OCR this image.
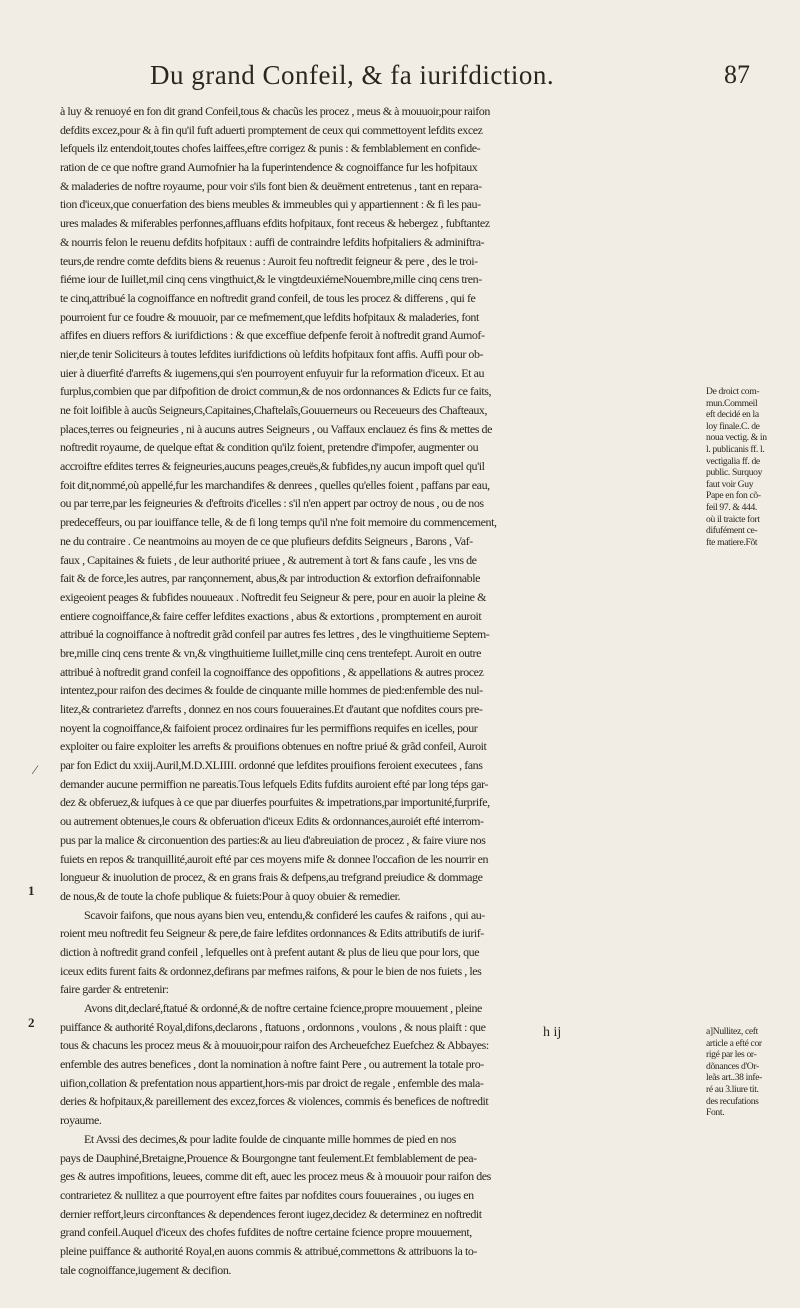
Du grand Confeil, & fa iurifdiction.	87
à luy & renuoyé en fon dit grand Confeil,tous & chacũs les procez , meus & à mouuoir,pour raifon
defdits excez,pour & à fin qu'il fuft aduerti promptement de ceux qui commettoyent lefdits excez
lefquels ilz entendoit,toutes chofes laiffees,eftre corrigez & punis : & femblablement en confide-
ration de ce que noftre grand Aumofnier ha la fuperintendence & cognoiffance fur les hofpitaux
& maladeries de noftre royaume, pour voir s'ils font bien & deuëment entretenus , tant en repara-
tion d'iceux,que conuerfation des biens meubles & immeubles qui y appartiennent : & fi les pau-
ures malades & miferables perfonnes,affluans efdits hofpitaux, font receus & hebergez , fubftantez
& nourris felon le reuenu defdits hofpitaux : auffi de contraindre lefdits hofpitaliers & adminiftra-
teurs,de rendre comte defdits biens & reuenus : Auroit feu noftredit feigneur & pere , des le troi-
fiéme iour de Iuillet,mil cinq cens vingthuict,& le vingtdeuxiémeNouembre,mille cinq cens tren-
te cinq,attribué la cognoiffance en noftredit grand confeil, de tous les procez & differens , qui fe
pourroient fur ce foudre & mouuoir, par ce mefmement,que lefdits hofpitaux & maladeries, font
affifes en diuers reffors & iurifdictions : & que exceffiue defpenfe feroit à noftredit grand Aumof-
nier,de tenir Soliciteurs à toutes lefdites iurifdictions où lefdits hofpitaux font affis. Auffi pour ob-
uier à diuerfité d'arrefts & iugemens,qui s'en pourroyent enfuyuir fur la reformation d'iceux. Et au
furplus,combien que par difpofition de droict commun,& de nos ordonnances & Edicts fur ce faits,
ne foit loifible à aucũs Seigneurs,Capitaines,Chaftelaĩs,Gouuerneurs ou Receueurs des Chafteaux,
places,terres ou feigneuries , ni à aucuns autres Seigneurs , ou Vaffaux enclauez és fins & mettes de
noftredit royaume, de quelque eftat & condition qu'ilz foient, pretendre d'impofer, augmenter ou
accroiftre efdites terres & feigneuries,aucuns peages,creuës,& fubfides,ny aucun impoft quel qu'il
foit dit,nommé,où appellé,fur les marchandifes & denrees , quelles qu'elles foient , paffans par eau,
ou par terre,par les feigneuries & d'eftroits d'icelles : s'il n'en appert par octroy de nous , ou de nos
predeceffeurs, ou par iouiffance telle, & de fi long temps qu'il n'ne foit memoire du commencement,
ne du contraire . Ce neantmoins au moyen de ce que plufieurs defdits Seigneurs , Barons , Vaf-
faux , Capitaines & fuiets , de leur authorité priuee , & autrement à tort & fans caufe , les vns de
fait & de force,les autres, par rançonnement, abus,& par introduction & extorfion defraifonnable
exigeoient peages & fubfides nouueaux . Noftredit feu Seigneur & pere, pour en auoir la pleine &
entiere cognoiffance,& faire ceffer lefdites exactions , abus & extortions , promptement en auroit
attribué la cognoiffance à noftredit grãd confeil par autres fes lettres , des le vingthuitieme Septem-
bre,mille cinq cens trente & vn,& vingthuitieme Iuillet,mille cinq cens trentefept. Auroit en outre
attribué à noftredit grand confeil la cognoiffance des oppofitions , & appellations & autres procez
intentez,pour raifon des decimes & foulde de cinquante mille hommes de pied:enfemble des nul-
litez,& contrarietez d'arrefts , donnez en nos cours fouueraines.Et d'autant que nofdites cours pre-
noyent la cognoiffance,& faifoient procez ordinaires fur les permiffions requifes en icelles, pour
exploiter ou faire exploiter les arrefts & prouifions obtenues en noftre priué & grãd confeil, Auroit
par fon Edict du xxiij.Auril,M.D.XLIIII. ordonné que lefdites prouifions feroient executees , fans
demander aucune permiffion ne pareatis.Tous lefquels Edits fufdits auroient efté par long téps gar-
dez & obferuez,& iufques à ce que par diuerfes pourfuites & impetrations,par importunité,furprife,
ou autrement obtenues,le cours & obferuation d'iceux Edits & ordonnances,auroiét efté interrom-
pus par la malice & circonuention des parties:& au lieu d'abreuiation de procez , & faire viure nos
fuiets en repos & tranquillité,auroit efté par ces moyens mife & donnee l'occafion de les nourrir en
longueur & inuolution de procez, & en grans frais & defpens,au trefgrand preiudice & dommage
de nous,& de toute la chofe publique & fuiets:Pour à quoy obuier & remedier.
Scavoir faifons, que nous ayans bien veu, entendu,& confideré les caufes & raifons , qui au-
roient meu noftredit feu Seigneur & pere,de faire lefdites ordonnances & Edits attributifs de iurif-
diction à noftredit grand confeil , lefquelles ont à prefent autant & plus de lieu que pour lors, que
iceux edits furent faits & ordonnez,defirans par mefmes raifons, & pour le bien de nos fuiets , les
faire garder & entretenir:
Avons dit,declaré,ftatué & ordonné,& de noftre certaine fcience,propre mouuement , pleine
puiffance & authorité Royal,difons,declarons , ftatuons , ordonnons , voulons , & nous plaift : que
tous & chacuns les procez meus & à mouuoir,pour raifon des Archeuefchez Euefchez & Abbayes:
enfemble des autres benefices , dont la nomination à noftre faint Pere , ou autrement la totale pro-
uifion,collation & prefentation nous appartient,hors-mis par droict de regale , enfemble des mala-
deries & hofpitaux,& pareillement des excez,forces & violences, commis és benefices de noftredit
royaume.
Et Avssi des decimes,& pour ladite foulde de cinquante mille hommes de pied en nos
pays de Dauphiné,Bretaigne,Prouence & Bourgongne tant feulement.Et femblablement de pea-
ges & autres impofitions, leuees, comme dit eft, auec les procez meus & à mouuoir pour raifon des
contrarietez & nullitez a que pourroyent eftre faites par nofdites cours fouueraines , ou iuges en
dernier reffort,leurs circonftances & dependences feront iugez,decidez & determinez en noftredit
grand confeil.Auquel d'iceux des chofes fufdites de noftre certaine fcience propre mouuement,
pleine puiffance & authorité Royal,en auons commis & attribué,commettons & attribuons la to-
tale cognoiffance,iugement & decifion.
1
2
⁄
De droict com-
mun.Commeil
eft decidé en la
loy finale.C. de
noua vectig. & in
l. publicanis ff. l.
vectigalia ff. de
public. Surquoy
faut voir Guy
Pape en fon cõ-
feil 97. & 444.
où il traicte fort
difufément ce-
fte matiere.Fõt
a]Nullitez, ceft
article a efté cor
rigé par les or-
dõnances d'Or-
leãs art..38 infe-
ré au 3.liure tit.
des recufations
Font.
h ij
